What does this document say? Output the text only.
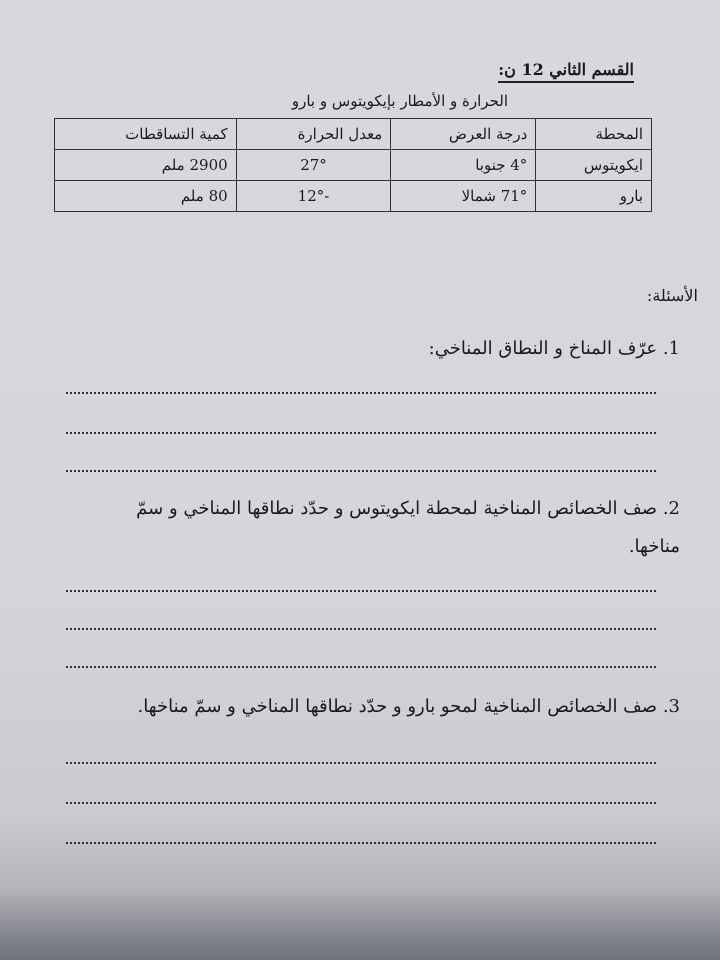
القسم الثاني 12 ن:
الحرارة و الأمطار بإيكويتوس و بارو
المحطة	درجة العرض	معدل الحرارة	كمية التساقطات
ايكويتوس	4° جنوبا	27°	2900 ملم
بارو	71° شمالا	-12°	80 ملم
الأسئلة:
1. عرّف المناخ و النطاق المناخي:
2. صف الخصائص المناخية لمحطة ايكويتوس و حدّد نطاقها المناخي و سمّ مناخها.
3. صف الخصائص المناخية لمحو بارو و حدّد نطاقها المناخي و سمّ مناخها.
